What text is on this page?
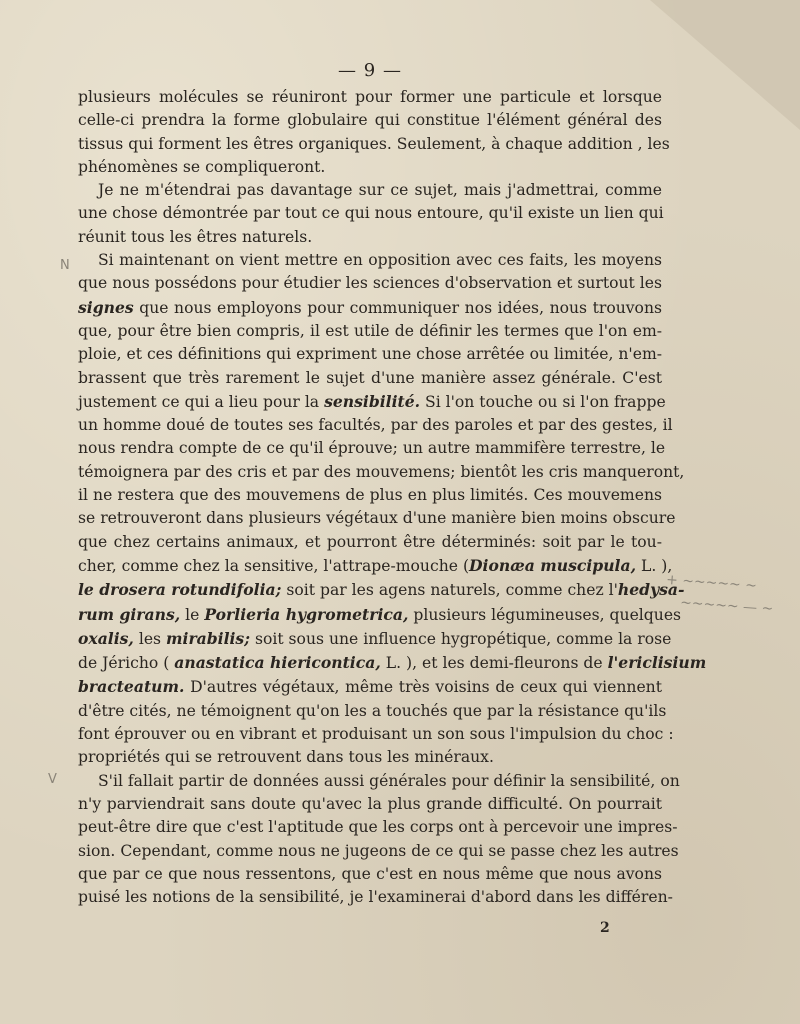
— 9 —

plusieurs molécules se réuniront pour former une particule et lorsque
celle-ci prendra la forme globulaire qui constitue l'élément général des
tissus qui forment les êtres organiques. Seulement, à chaque addition , les
phénomènes se compliqueront.

Je ne m'étendrai pas davantage sur ce sujet, mais j'admettrai, comme
une chose démontrée par tout ce qui nous entoure, qu'il existe un lien qui
réunit tous les êtres naturels.

Si maintenant on vient mettre en opposition avec ces faits, les moyens
que nous possédons pour étudier les sciences d'observation et surtout les
signes que nous employons pour communiquer nos idées, nous trouvons
que, pour être bien compris, il est utile de définir les termes que l'on em-
ploie, et ces définitions qui expriment une chose arrêtée ou limitée, n'em-
brassent que très rarement le sujet d'une manière assez générale. C'est
justement ce qui a lieu pour la sensibilité. Si l'on touche ou si l'on frappe
un homme doué de toutes ses facultés, par des paroles et par des gestes, il
nous rendra compte de ce qu'il éprouve; un autre mammifère terrestre, le
témoignera par des cris et par des mouvemens; bientôt les cris manqueront,
il ne restera que des mouvemens de plus en plus limités. Ces mouvemens
se retrouveront dans plusieurs végétaux d'une manière bien moins obscure
que chez certains animaux, et pourront être déterminés: soit par le tou-
cher, comme chez la sensitive, l'attrape-mouche (Dionæa muscipula, L. ),
le drosera rotundifolia; soit par les agens naturels, comme chez l'hedysa-
rum girans, le Porlieria hygrometrica, plusieurs légumineuses, quelques
oxalis, les mirabilis; soit sous une influence hygropétique, comme la rose
de Jéricho ( anastatica hiericontica, L. ), et les demi-fleurons de l'ericlisium
bracteatum. D'autres végétaux, même très voisins de ceux qui viennent
d'être cités, ne témoignent qu'on les a touchés que par la résistance qu'ils
font éprouver ou en vibrant et produisant un son sous l'impulsion du choc :
propriétés qui se retrouvent dans tous les minéraux.

S'il fallait partir de données aussi générales pour définir la sensibilité, on
n'y parviendrait sans doute qu'avec la plus grande difficulté. On pourrait
peut-être dire que c'est l'aptitude que les corps ont à percevoir une impres-
sion. Cependant, comme nous ne jugeons de ce qui se passe chez les autres
que par ce que nous ressentons, que c'est en nous même que nous avons
puisé les notions de la sensibilité, je l'examinerai d'abord dans les différen-

+ ~~~~~ ~
~~~~~ — ~
N
V
2
